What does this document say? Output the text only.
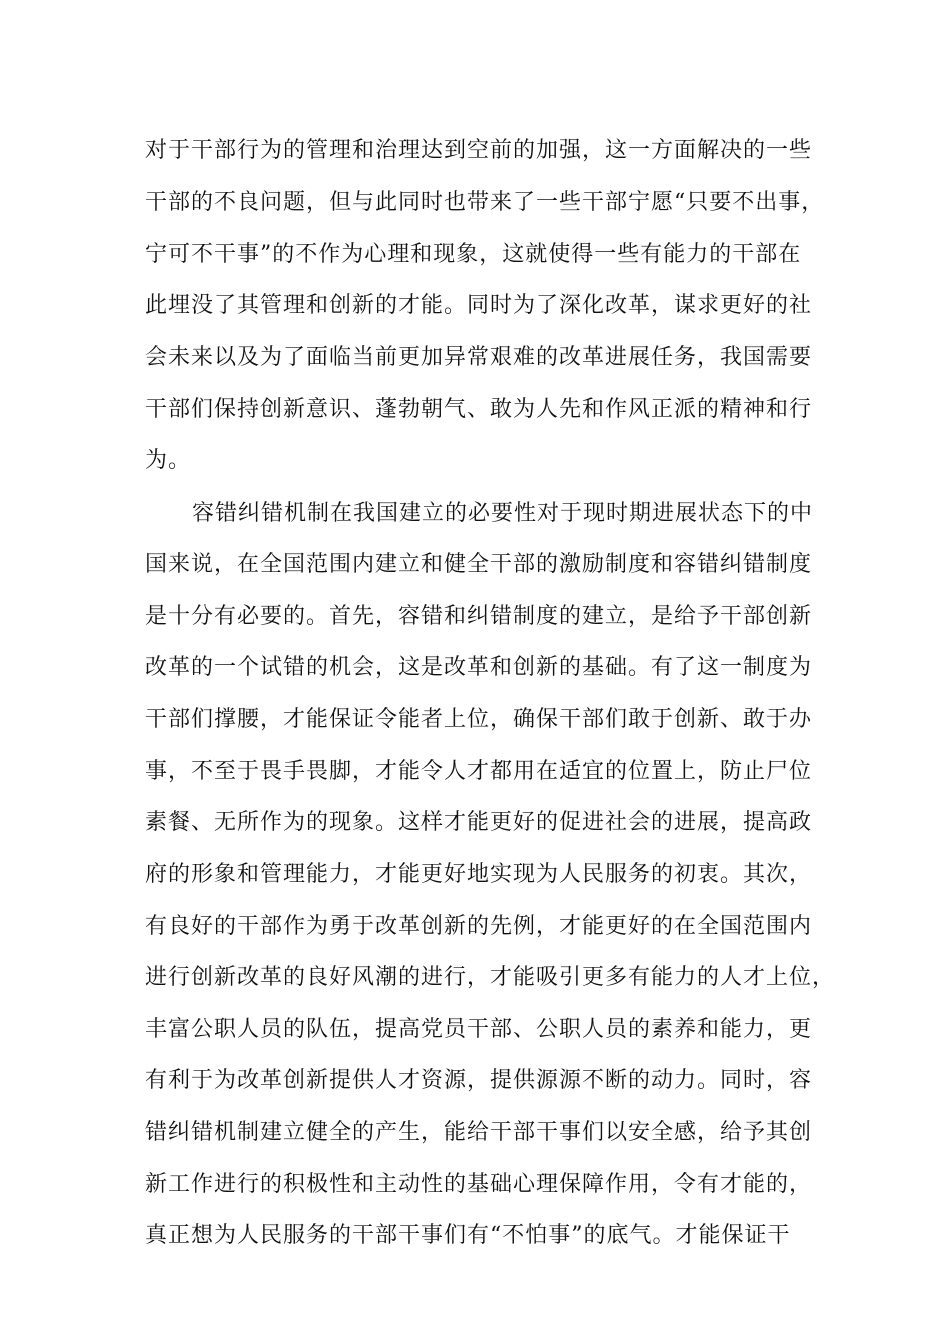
对于干部行为的管理和治理达到空前的加强，这一方面解决的一些
干部的不良问题，但与此同时也带来了一些干部宁愿“只要不出事，
宁可不干事”的不作为心理和现象，这就使得一些有能力的干部在
此埋没了其管理和创新的才能。同时为了深化改革，谋求更好的社
会未来以及为了面临当前更加异常艰难的改革进展任务，我国需要
干部们保持创新意识、蓬勃朝气、敢为人先和作风正派的精神和行
为。
容错纠错机制在我国建立的必要性对于现时期进展状态下的中
国来说，在全国范围内建立和健全干部的激励制度和容错纠错制度
是十分有必要的。首先，容错和纠错制度的建立，是给予干部创新
改革的一个试错的机会，这是改革和创新的基础。有了这一制度为
干部们撑腰，才能保证令能者上位，确保干部们敢于创新、敢于办
事，不至于畏手畏脚，才能令人才都用在适宜的位置上，防止尸位
素餐、无所作为的现象。这样才能更好的促进社会的进展，提高政
府的形象和管理能力，才能更好地实现为人民服务的初衷。其次，
有良好的干部作为勇于改革创新的先例，才能更好的在全国范围内
进行创新改革的良好风潮的进行，才能吸引更多有能力的人才上位，
丰富公职人员的队伍，提高党员干部、公职人员的素养和能力，更
有利于为改革创新提供人才资源，提供源源不断的动力。同时，容
错纠错机制建立健全的产生，能给干部干事们以安全感，给予其创
新工作进行的积极性和主动性的基础心理保障作用，令有才能的，
真正想为人民服务的干部干事们有“不怕事”的底气。才能保证干
